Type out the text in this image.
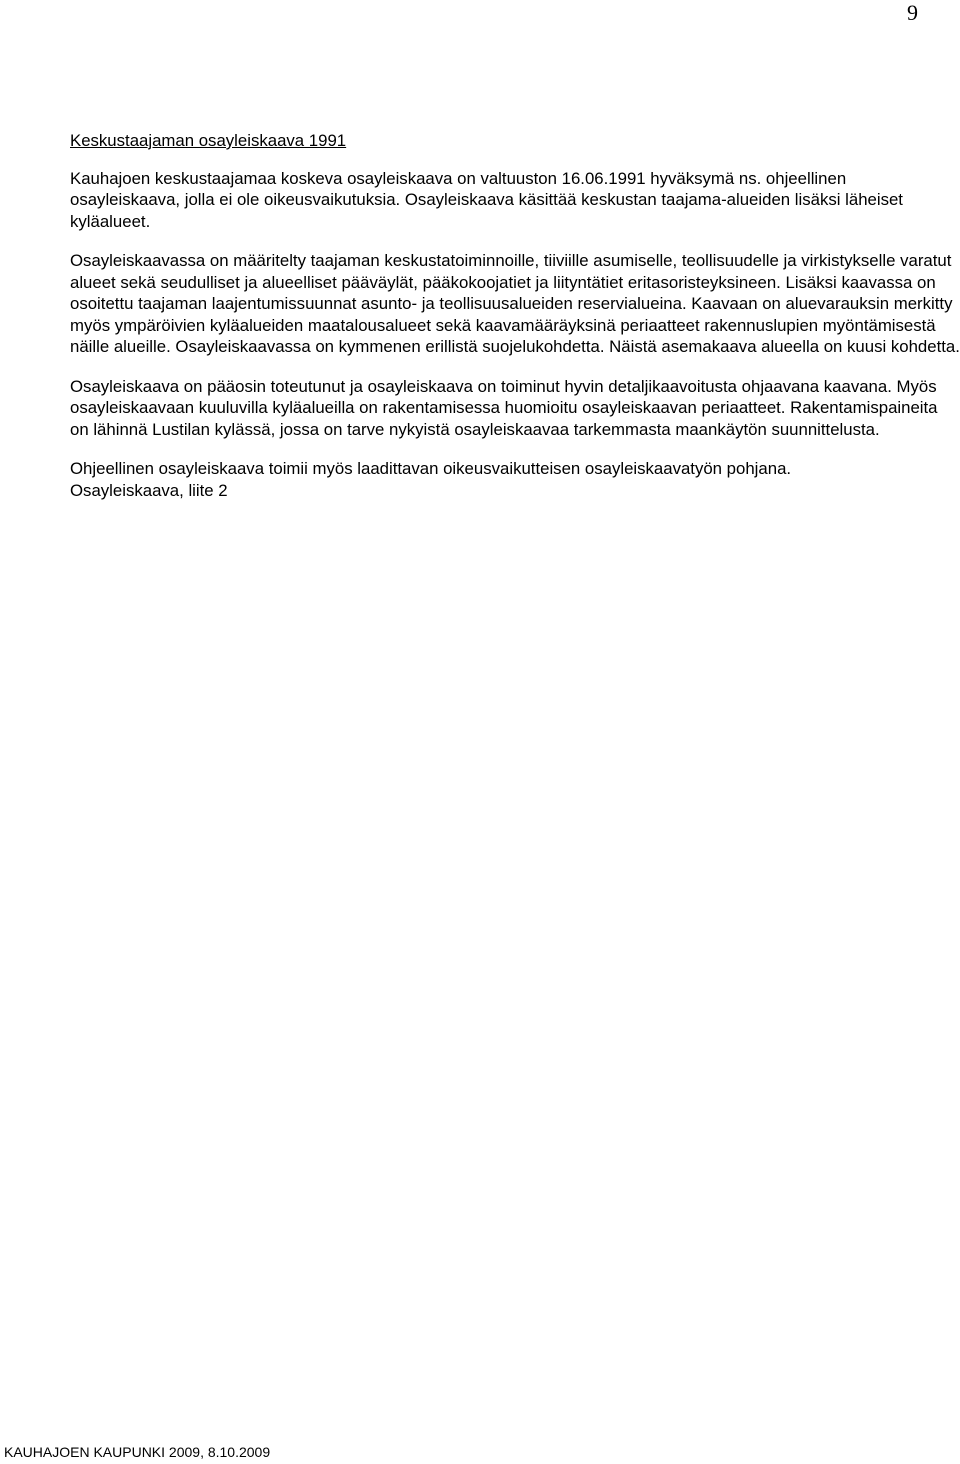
9
Keskustaajaman osayleiskaava 1991

Kauhajoen keskustaajamaa koskeva osayleiskaava on valtuuston 16.06.1991 hyväksymä ns. ohjeellinen osayleiskaava, jolla ei ole oikeusvaikutuksia. Osayleiskaava käsittää keskustan taajama-alueiden lisäksi läheiset kyläalueet.

Osayleiskaavassa on määritelty taajaman keskustatoiminnoille, tiiviille asumiselle, teollisuudelle ja virkistykselle varatut alueet sekä seudulliset ja alueelliset pääväylät, pääkokoojatiet ja liityntätiet eritasoristeyksineen. Lisäksi kaavassa on osoitettu taajaman laajentumissuunnat asunto- ja teollisuusalueiden reservialueina. Kaavaan on aluevarauksin merkitty myös ympäröivien kyläalueiden maatalousalueet sekä kaavamääräyksinä periaatteet rakennuslupien myöntämisestä näille alueille. Osayleiskaavassa on kymmenen erillistä suojelukohdetta. Näistä asemakaava alueella on kuusi kohdetta.

Osayleiskaava on pääosin toteutunut ja osayleiskaava on toiminut hyvin detaljikaavoitusta ohjaavana kaavana. Myös osayleiskaavaan kuuluvilla kyläalueilla on rakentamisessa huomioitu osayleiskaavan periaatteet. Rakentamispaineita on lähinnä Lustilan kylässä, jossa on tarve nykyistä osayleiskaavaa tarkemmasta maankäytön suunnittelusta.

Ohjeellinen osayleiskaava toimii myös laadittavan oikeusvaikutteisen osayleiskaavatyön pohjana.

Osayleiskaava, liite 2

KAUHAJOEN KAUPUNKI 2009, 8.10.2009
